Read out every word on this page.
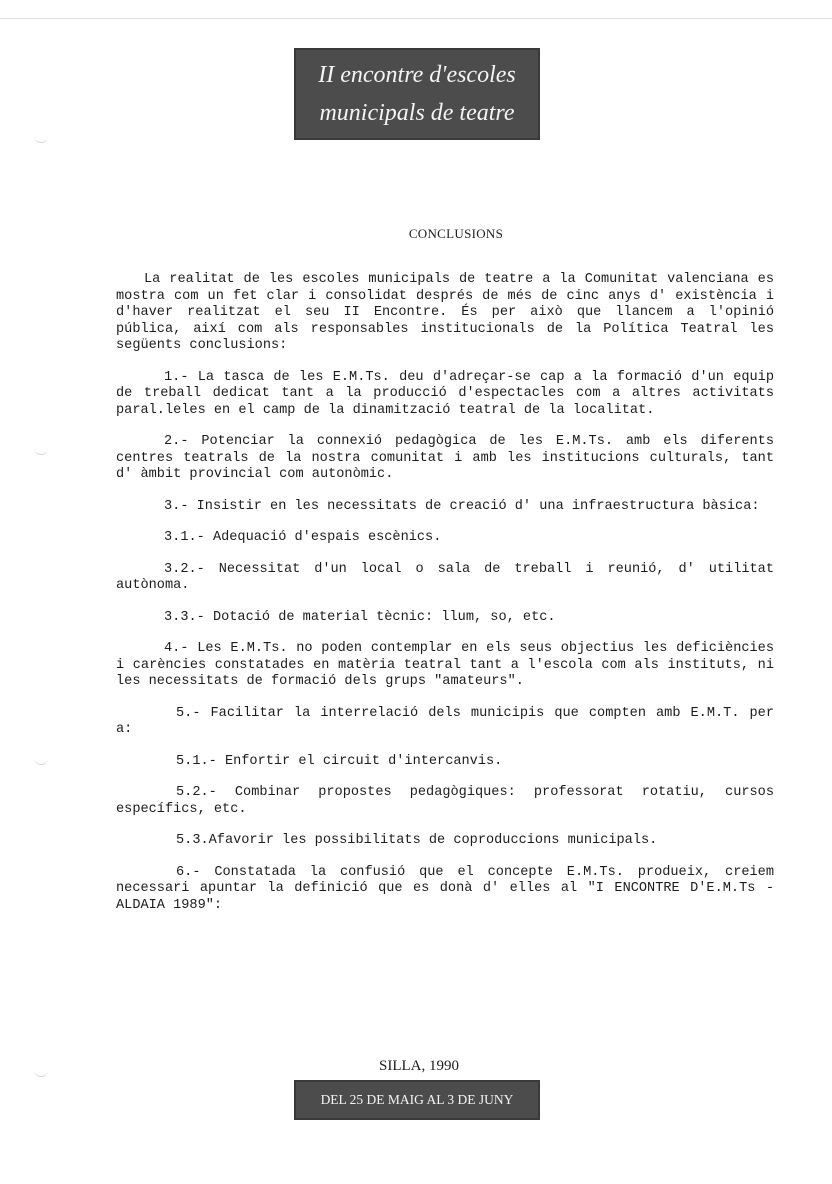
II encontre d'escoles
municipals de teatre
CONCLUSIONS

La realitat de les escoles municipals de teatre a la Comunitat valenciana es mostra com un fet clar i consolidat després de més de cinc anys d' existència i d'haver realitzat el seu II Encontre. És per això que llancem a l'opinió pública, així com als responsables institucionals de la Política Teatral les següents conclusions:

1.- La tasca de les E.M.Ts. deu d'adreçar-se cap a la formació d'un equip de treball dedicat tant a la producció d'espectacles com a altres activitats paral.leles en el camp de la dinamització teatral de la localitat.

2.- Potenciar la connexió pedagògica de les E.M.Ts. amb els diferents centres teatrals de la nostra comunitat i amb les institucions culturals, tant d' àmbit provincial com autonòmic.

3.- Insistir en les necessitats de creació d' una infraestructura bàsica:

3.1.- Adequació d'espais escènics.

3.2.- Necessitat d'un local o sala de treball i reunió, d' utilitat autònoma.

3.3.- Dotació de material tècnic: llum, so, etc.

4.- Les E.M.Ts. no poden contemplar en els seus objectius les deficiències i carències constatades en matèria teatral tant a l'escola com als instituts, ni les necessitats de formació dels grups "amateurs".

5.- Facilitar la interrelació dels municipis que compten amb E.M.T. per a:

5.1.- Enfortir el circuit d'intercanvis.

5.2.- Combinar propostes pedagògiques: professorat rotatiu, cursos específics, etc.

5.3.Afavorir les possibilitats de coproduccions municipals.

6.- Constatada la confusió que el concepte E.M.Ts. produeix, creiem necessari apuntar la definició que es donà d' elles al "I ENCONTRE D'E.M.Ts - ALDAIA 1989":

SILLA, 1990
DEL 25 DE MAIG AL 3 DE JUNY
